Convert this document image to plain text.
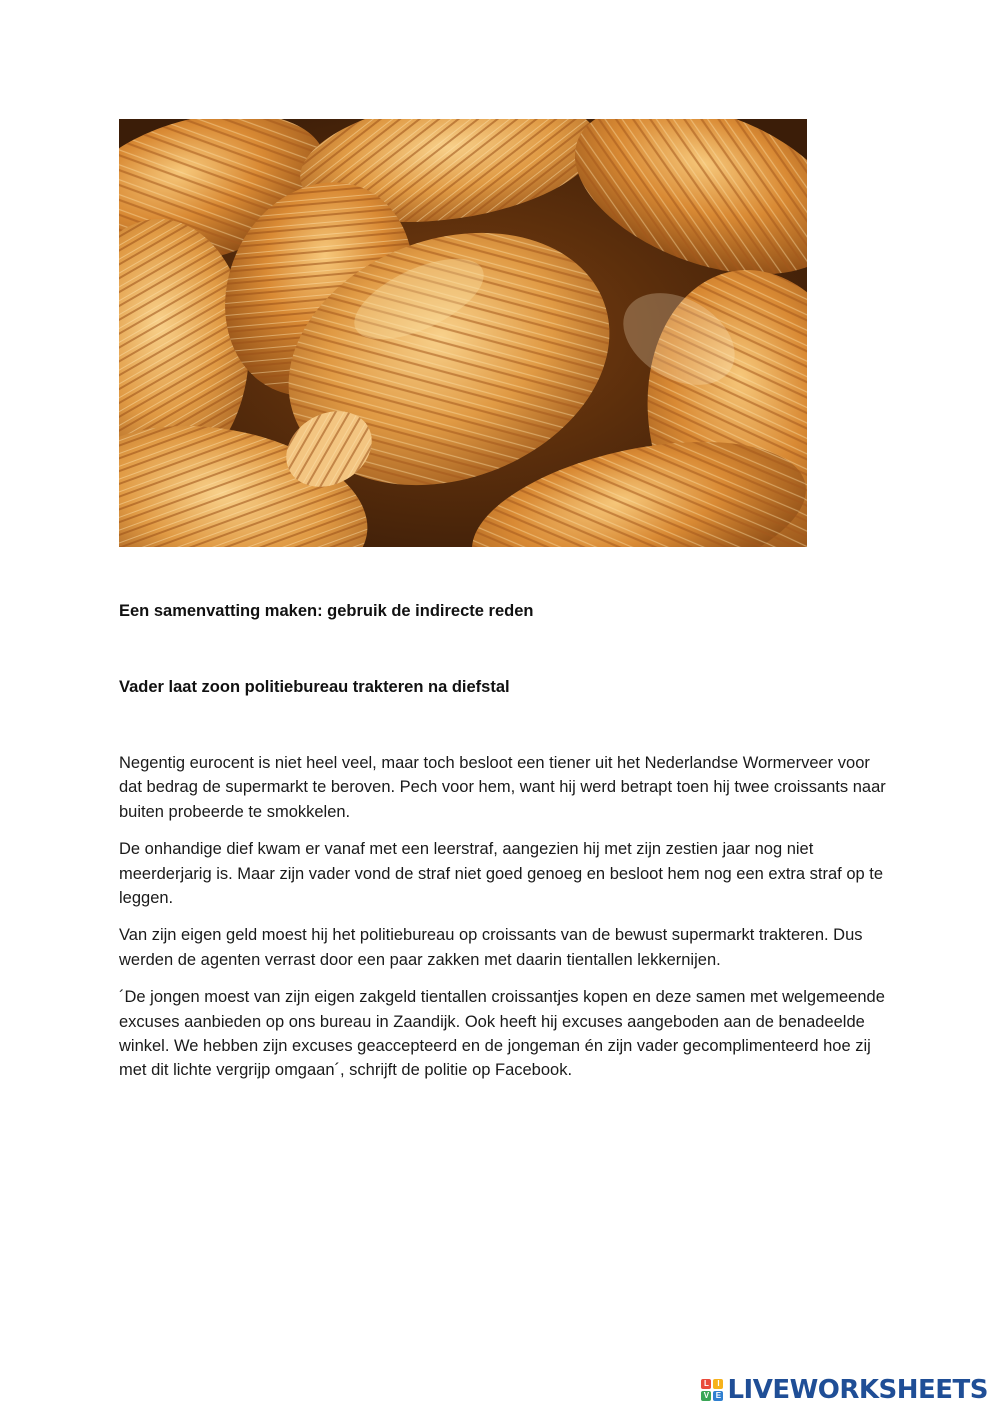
Een samenvatting maken: gebruik de indirecte reden
Vader laat zoon politiebureau trakteren na diefstal

Negentig eurocent is niet heel veel, maar toch besloot een tiener uit het Nederlandse Wormerveer voor dat bedrag de supermarkt te beroven. Pech voor hem, want hij werd betrapt toen hij twee croissants naar buiten probeerde te smokkelen.

De onhandige dief kwam er vanaf met een leerstraf, aangezien hij met zijn zestien jaar nog niet meerderjarig is. Maar zijn vader vond de straf niet goed genoeg en besloot hem nog een extra straf op te leggen.

Van zijn eigen geld moest hij het politiebureau op croissants van de bewust supermarkt trakteren. Dus werden de agenten verrast door een paar zakken met daarin tientallen lekkernijen.

´De jongen moest van zijn eigen zakgeld tientallen croissantjes kopen en deze samen met welgemeende excuses aanbieden op ons bureau in Zaandijk. Ook heeft hij excuses aangeboden aan de benadeelde winkel. We hebben zijn excuses geaccepteerd en de jongeman én zijn vader gecomplimenteerd hoe zij met dit lichte vergrijp omgaan´, schrijft de politie op Facebook.

L	I
V E LIVEWORKSHEETS
